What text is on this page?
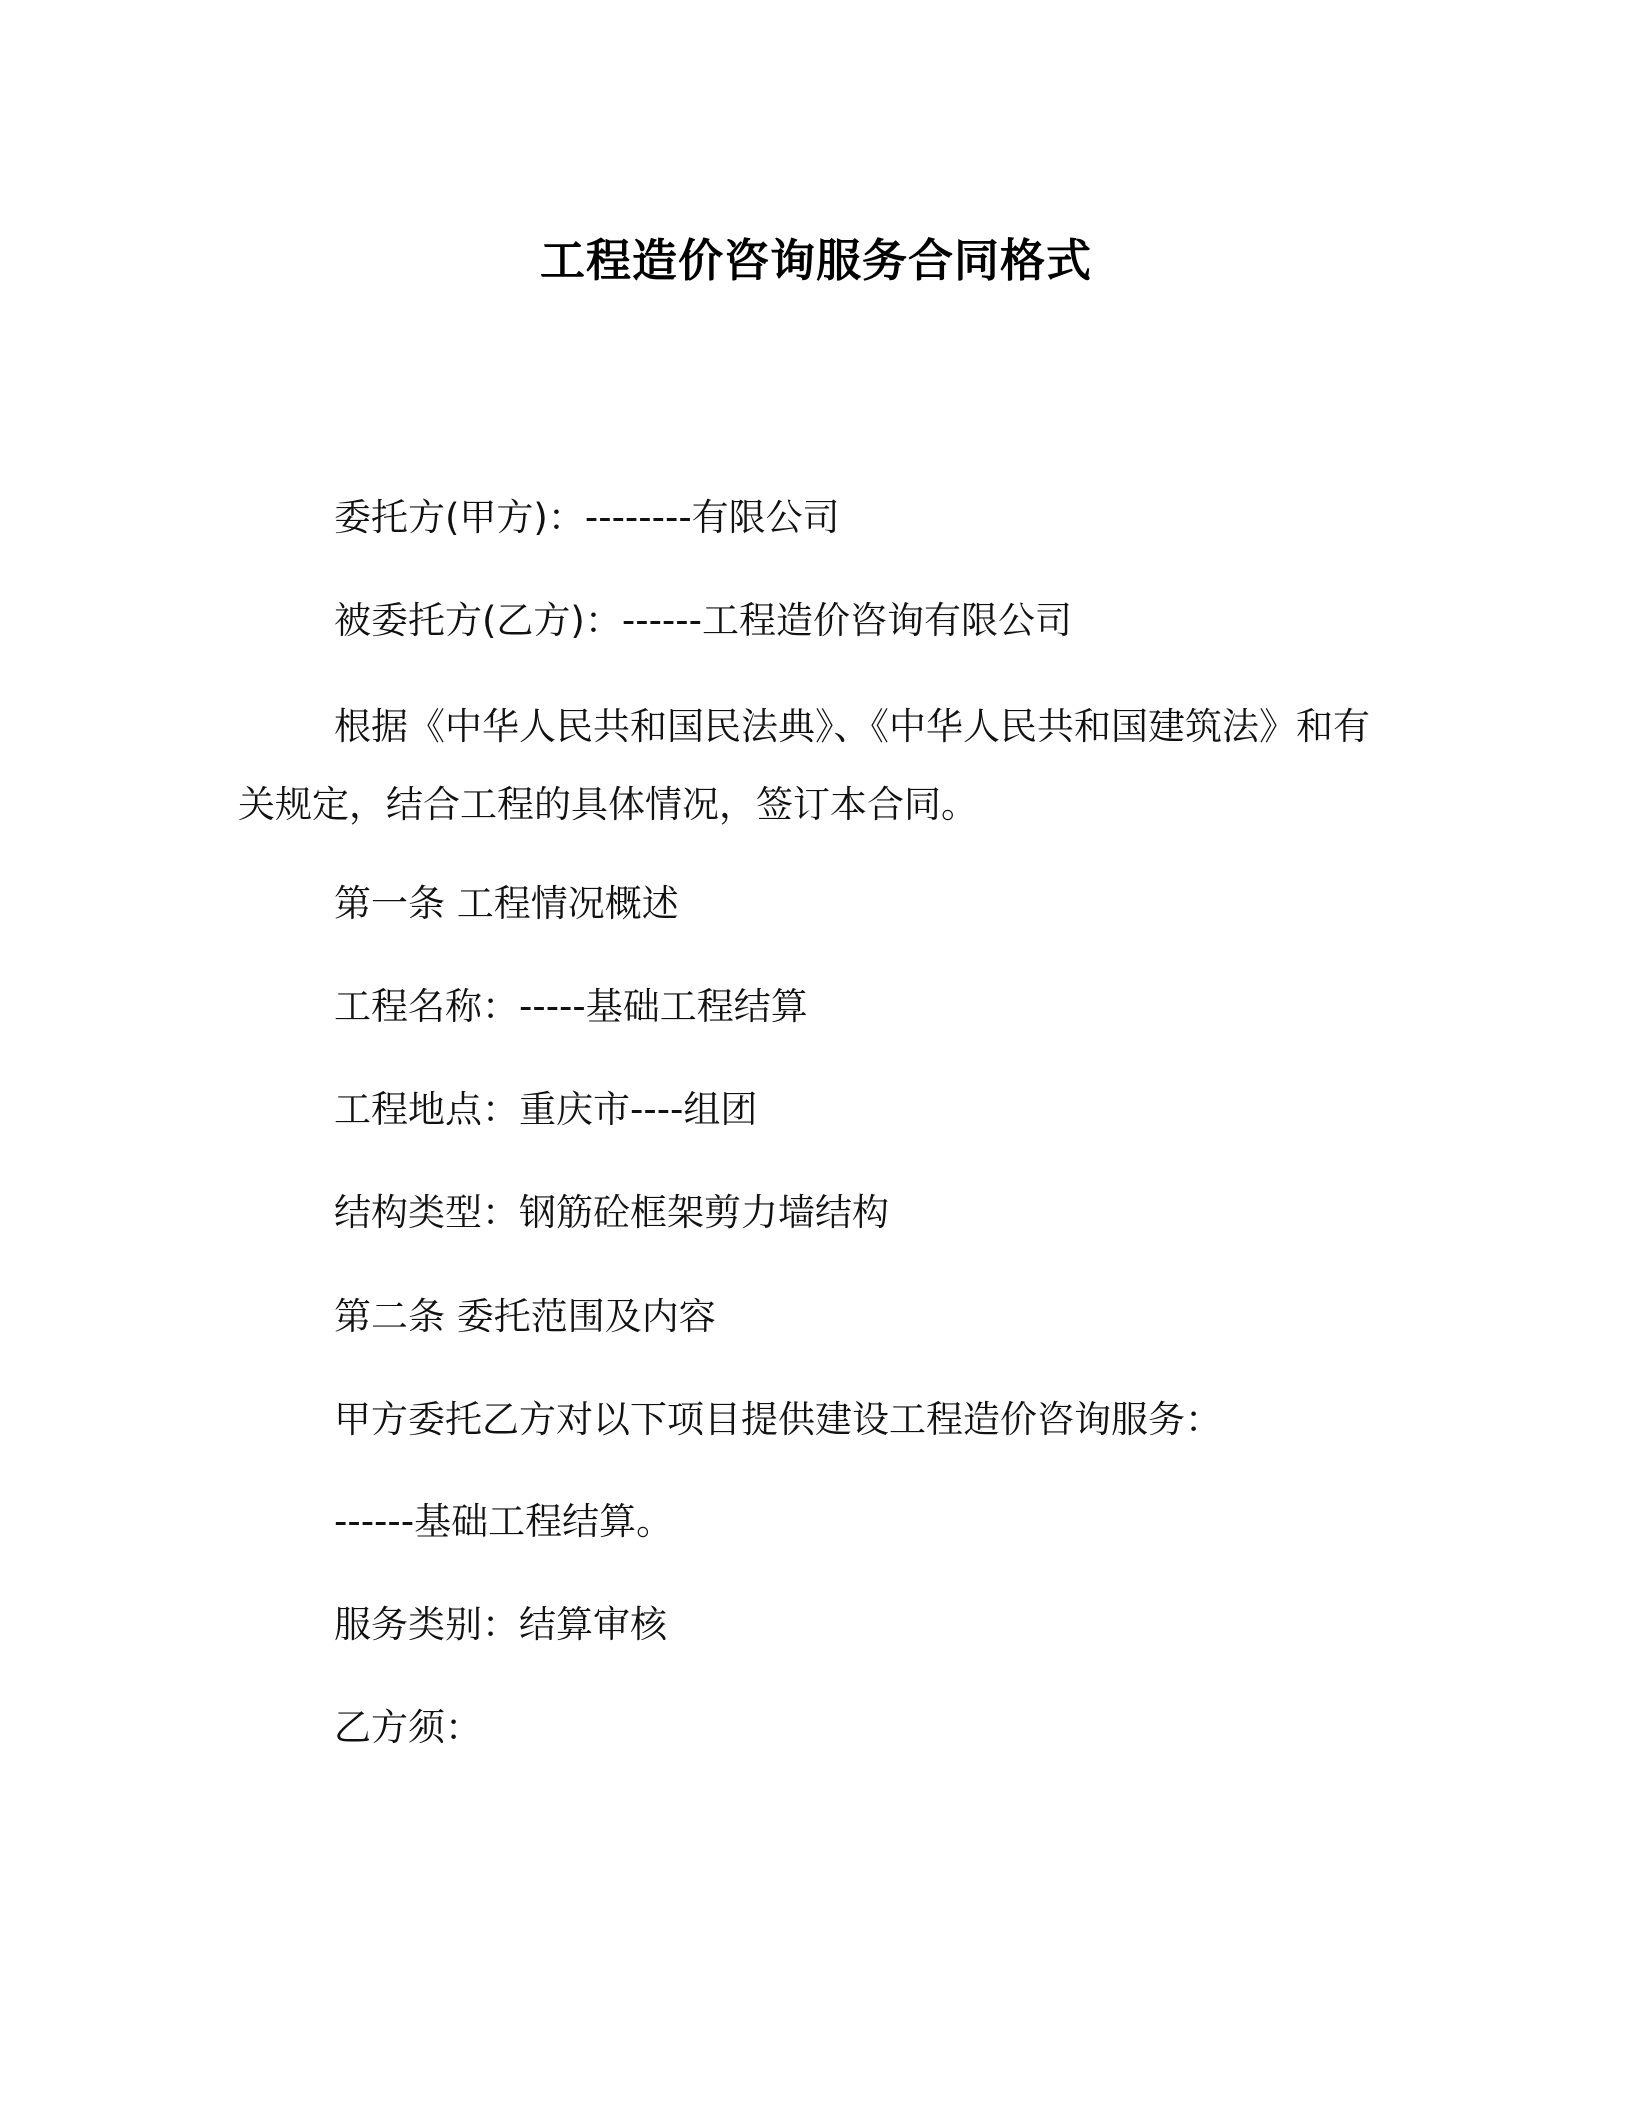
工程造价咨询服务合同格式

委托方(甲方)：--------有限公司

被委托方(乙方)：------工程造价咨询有限公司

根据《中华人民共和国民法典》、《中华人民共和国建筑法》和有关规定，结合工程的具体情况，签订本合同。

第一条 工程情况概述

工程名称：-----基础工程结算

工程地点：重庆市----组团

结构类型：钢筋砼框架剪力墙结构

第二条 委托范围及内容

甲方委托乙方对以下项目提供建设工程造价咨询服务：

------基础工程结算。

服务类别：结算审核

乙方须：
